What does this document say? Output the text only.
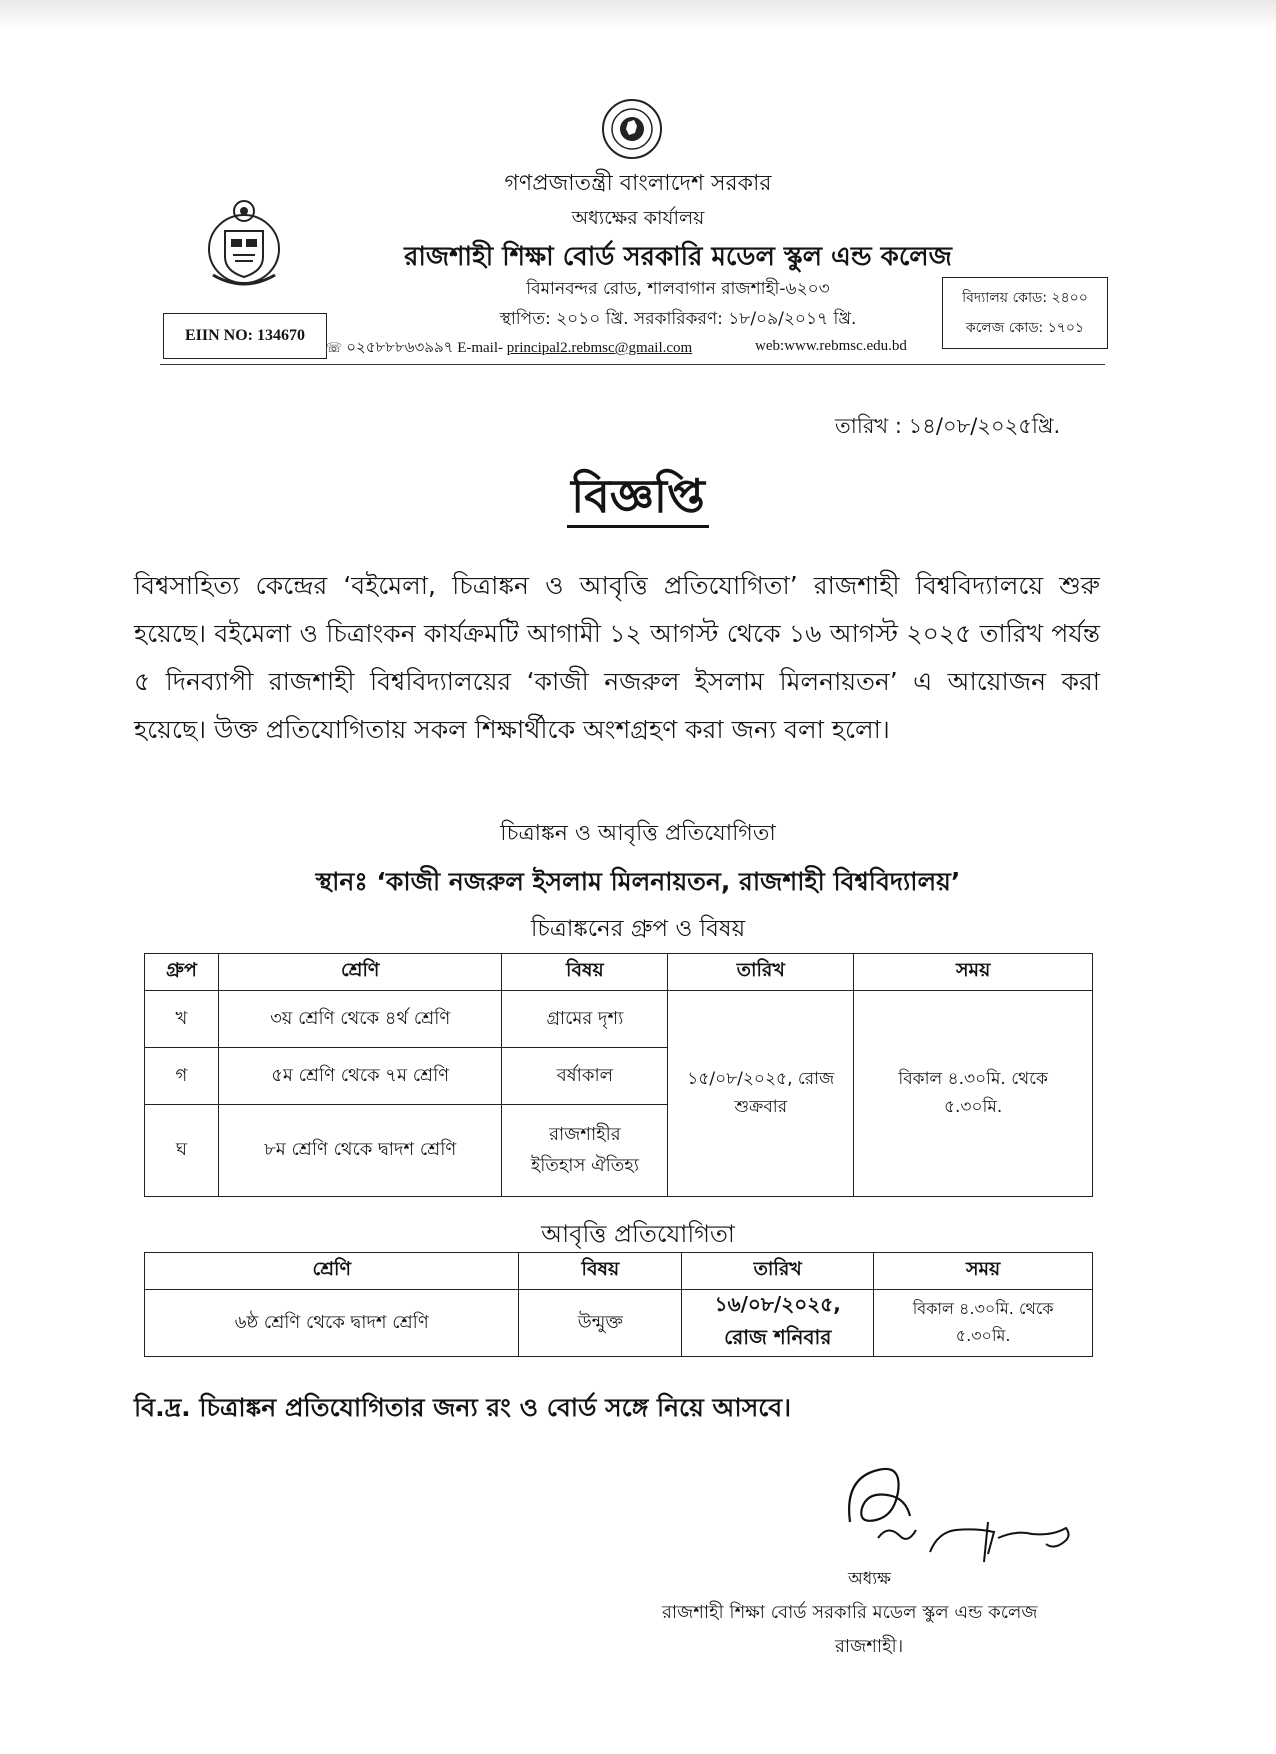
গণপ্রজাতন্ত্রী বাংলাদেশ সরকার
অধ্যক্ষের কার্যালয়
রাজশাহী শিক্ষা বোর্ড সরকারি মডেল স্কুল এন্ড কলেজ
বিমানবন্দর রোড, শালবাগান রাজশাহী-৬২০৩
স্থাপিত: ২০১০ খ্রি. সরকারিকরণ: ১৮/০৯/২০১৭ খ্রি.
EIIN NO: 134670
বিদ্যালয় কোড: ২৪০০
কলেজ কোড: ১৭০১
☏ ০২৫৮৮৮৬৩৯৯৭ E-mail- principal2.rebmsc@gmail.com	web:www.rebmsc.edu.bd
তারিখ : ১৪/০৮/২০২৫খ্রি.
বিজ্ঞপ্তি
বিশ্বসাহিত্য কেন্দ্রের ‘বইমেলা, চিত্রাঙ্কন ও আবৃত্তি প্রতিযোগিতা’ রাজশাহী বিশ্ববিদ্যালয়ে শুরু হয়েছে। বইমেলা ও চিত্রাংকন কার্যক্রমটি আগামী ১২ আগস্ট থেকে ১৬ আগস্ট ২০২৫ তারিখ পর্যন্ত ৫ দিনব্যাপী রাজশাহী বিশ্ববিদ্যালয়ের ‘কাজী নজরুল ইসলাম মিলনায়তন’ এ আয়োজন করা হয়েছে। উক্ত প্রতিযোগিতায় সকল শিক্ষার্থীকে অংশগ্রহণ করা জন্য বলা হলো।
চিত্রাঙ্কন ও আবৃত্তি প্রতিযোগিতা
স্থানঃ ‘কাজী নজরুল ইসলাম মিলনায়তন, রাজশাহী বিশ্ববিদ্যালয়’
চিত্রাঙ্কনের গ্রুপ ও বিষয়
গ্রুপ	শ্রেণি	বিষয়	তারিখ	সময়
খ	৩য় শ্রেণি থেকে ৪র্থ শ্রেণি	গ্রামের দৃশ্য	১৫/০৮/২০২৫, রোজ শুক্রবার	বিকাল ৪.৩০মি. থেকে ৫.৩০মি.
গ	৫ম শ্রেণি থেকে ৭ম শ্রেণি	বর্ষাকাল		
ঘ	৮ম শ্রেণি থেকে দ্বাদশ শ্রেণি	রাজশাহীর ইতিহাস ঐতিহ্য		
আবৃত্তি প্রতিযোগিতা
শ্রেণি	বিষয়	তারিখ	সময়
৬ষ্ঠ শ্রেণি থেকে দ্বাদশ শ্রেণি	উন্মুক্ত	১৬/০৮/২০২৫, রোজ শনিবার	বিকাল ৪.৩০মি. থেকে ৫.৩০মি.
বি.দ্র. চিত্রাঙ্কন প্রতিযোগিতার জন্য রং ও বোর্ড সঙ্গে নিয়ে আসবে।
অধ্যক্ষ
রাজশাহী শিক্ষা বোর্ড সরকারি মডেল স্কুল এন্ড কলেজ
রাজশাহী।
